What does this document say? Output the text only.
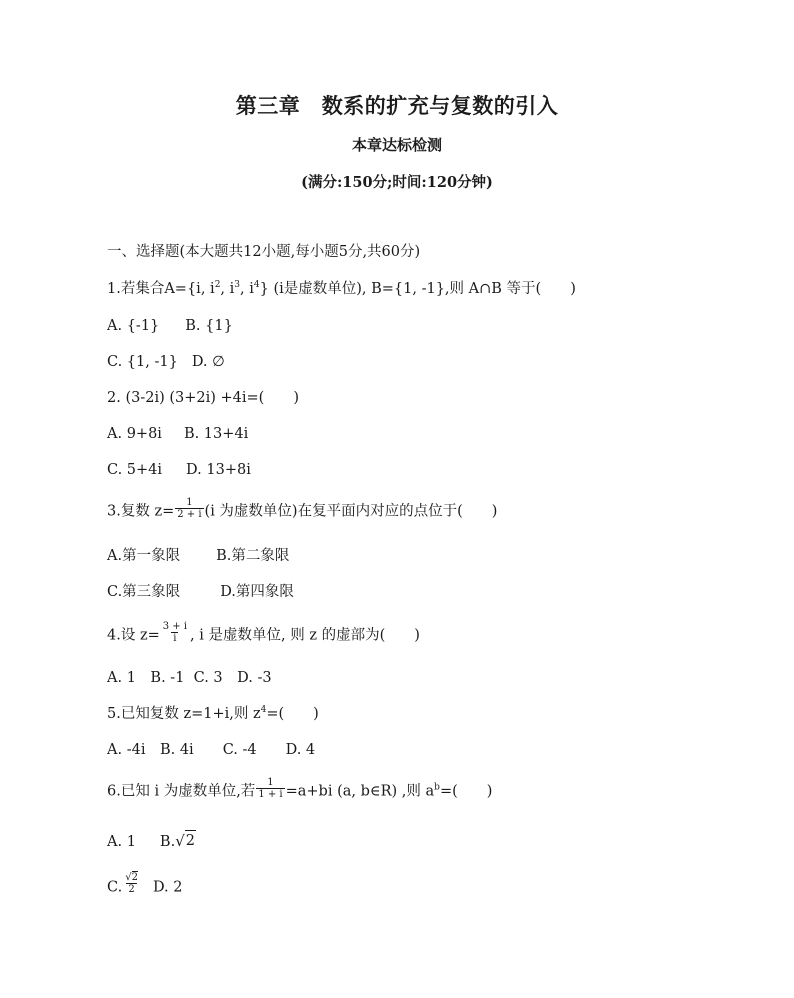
第三章　数系的扩充与复数的引入
本章达标检测
(满分:150分;时间:120分钟)
一、选择题(本大题共12小题,每小题5分,共60分)
1.若集合A={i, $i^2$, $i^3$, $i^4$} (i是虚数单位), B={1, -1},则 A∩B 等于(　　)
A. {-1} B. {1}
C. {1, -1} D. ∅
2. (3-2i) (3+2i) +4i=(　　)
A. 9+8i B. 13+4i
C. 5+4i D. 13+8i
3.复数 $z= \frac{1}{2 + i} (i$ 为虚数单位)在复平面内对应的点位于(　　)
A.第一象限 B.第二象限
C.第三象限	D.第四象限
4.设 $z= \frac{3 + i}{i}$ , i 是虚数单位, 则 z 的虚部为(　　)
A. 1　B. -1  C. 3　D. -3
5.已知复数 z=1+i,则 $z^4=$(　　)
A. -4i　B. 4i　　C. -4　　D. 4
6.已知 i 为虚数单位,若 $\frac{1}{1 + i} =a+bi$ (a, b∈R) ,则 $a^b=$(　　)
A. 1 B. √ 2
C. $\frac{√2}{2} D$. 2
